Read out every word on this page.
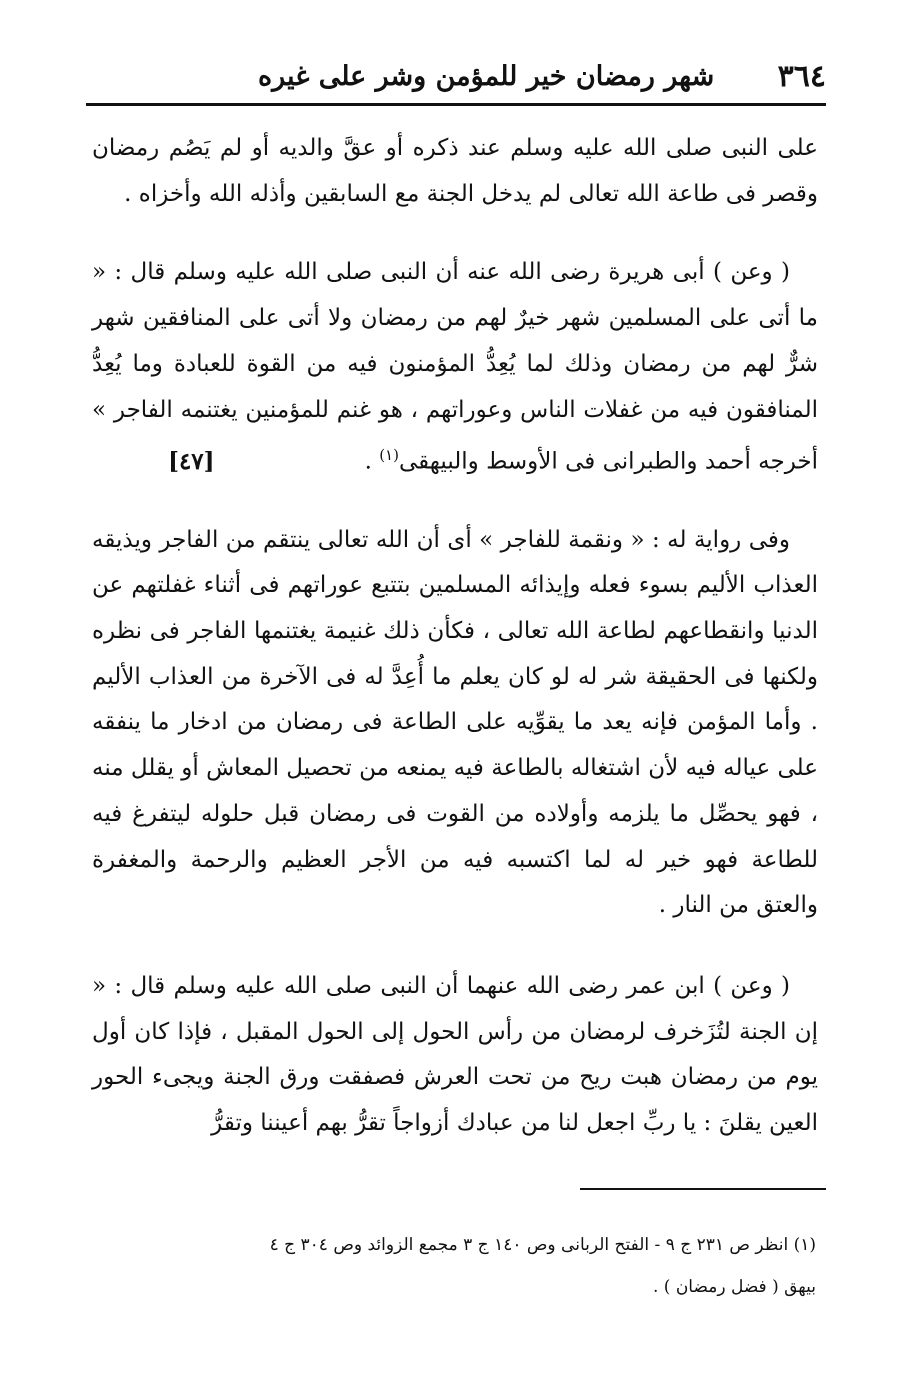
٣٦٤
شهر رمضان خير للمؤمن وشر على غيره

على النبى صلى الله عليه وسلم عند ذكره أو عقَّ والديه أو لم يَصُم رمضان وقصر فى طاعة الله تعالى لم يدخل الجنة مع السابقين وأذله الله وأخزاه .

( وعن ) أبى هريرة رضى الله عنه أن النبى صلى الله عليه وسلم قال : « ما أتى على المسلمين شهر خيرٌ لهم من رمضان ولا أتى على المنافقين شهر شرٌّ لهم من رمضان وذلك لما يُعِدُّ المؤمنون فيه من القوة للعبادة وما يُعِدُّ المنافقون فيه من غفلات الناس وعوراتهم ، هو غنم للمؤمنين يغتنمه الفاجر » أخرجه أحمد والطبرانى فى الأوسط والبيهقى$^{(١)}$ .[٤٧]

وفى رواية له : « ونقمة للفاجر » أى أن الله تعالى ينتقم من الفاجر ويذيقه العذاب الأليم بسوء فعله وإيذائه المسلمين بتتبع عوراتهم فى أثناء غفلتهم عن الدنيا وانقطاعهم لطاعة الله تعالى ، فكأن ذلك غنيمة يغتنمها الفاجر فى نظره ولكنها فى الحقيقة شر له لو كان يعلم ما أُعِدَّ له فى الآخرة من العذاب الأليم . وأما المؤمن فإنه يعد ما يقوِّيه على الطاعة فى رمضان من ادخار ما ينفقه على عياله فيه لأن اشتغاله بالطاعة فيه يمنعه من تحصيل المعاش أو يقلل منه ، فهو يحصِّل ما يلزمه وأولاده من القوت فى رمضان قبل حلوله ليتفرغ فيه للطاعة فهو خير له لما اكتسبه فيه من الأجر العظيم والرحمة والمغفرة والعتق من النار .

( وعن ) ابن عمر رضى الله عنهما أن النبى صلى الله عليه وسلم قال : « إن الجنة لتُزَخرف لرمضان من رأس الحول إلى الحول المقبل ، فإذا كان أول يوم من رمضان هبت ريح من تحت العرش فصفقت ورق الجنة ويجىء الحور العين يقلنَ : يا ربِّ اجعل لنا من عبادك أزواجاً تقرُّ بهم أعيننا وتقرُّ

(١) انظر ص ٢٣١ ج ٩ - الفتح الربانى وص ١٤٠ ج ٣ مجمع الزوائد وص ٣٠٤ ج ٤

بيهق ( فضل رمضان ) .
